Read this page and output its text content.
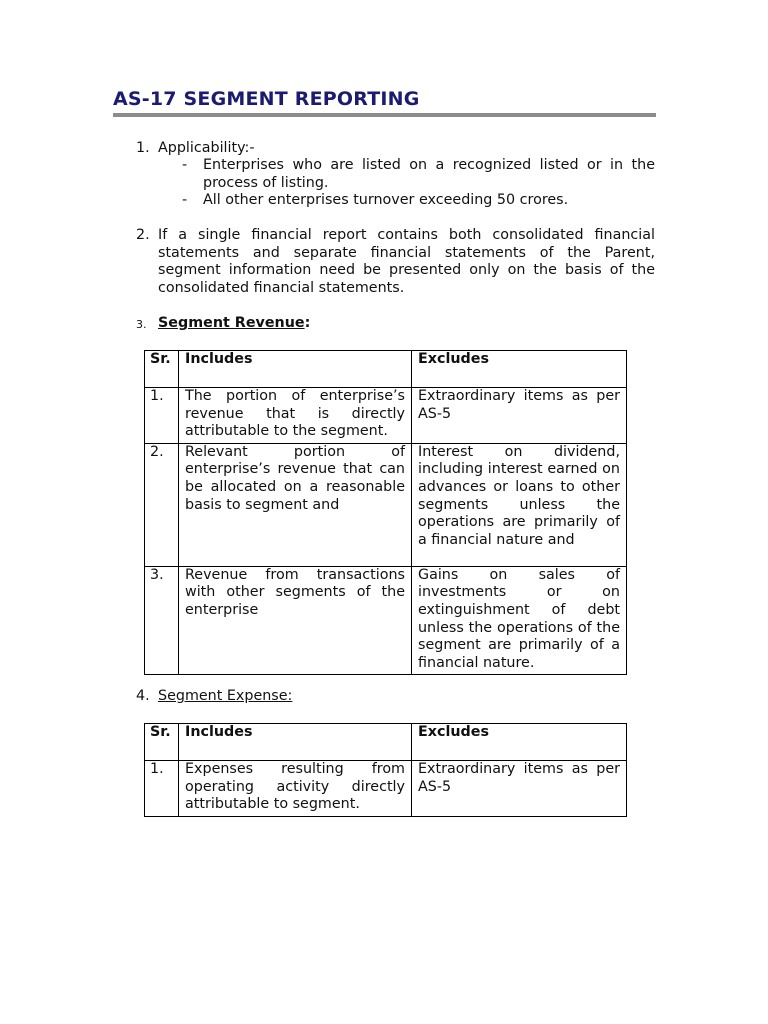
AS-17 SEGMENT REPORTING
1. Applicability:-
- Enterprises who are listed on a recognized listed or in the process of listing.
- All other enterprises turnover exceeding 50 crores.
2. If a single financial report contains both consolidated financial statements and separate financial statements of the Parent, segment information need be presented only on the basis of the consolidated financial statements.
3. Segment Revenue:
Sr.	Includes	Excludes
1.	The portion of enterprise’s revenue that is directly attributable to the segment.	Extraordinary items as per AS-5
2.	Relevant portion of enterprise’s revenue that can be allocated on a reasonable basis to segment and	Interest on dividend, including interest earned on advances or loans to other segments unless the operations are primarily of a financial nature and
3.	Revenue from transactions with other segments of the enterprise	Gains on sales of investments or on extinguishment of debt unless the operations of the segment are primarily of a financial nature.
4. Segment Expense:
Sr.	Includes	Excludes
1.	Expenses resulting from operating activity directly attributable to segment.	Extraordinary items as per AS-5
